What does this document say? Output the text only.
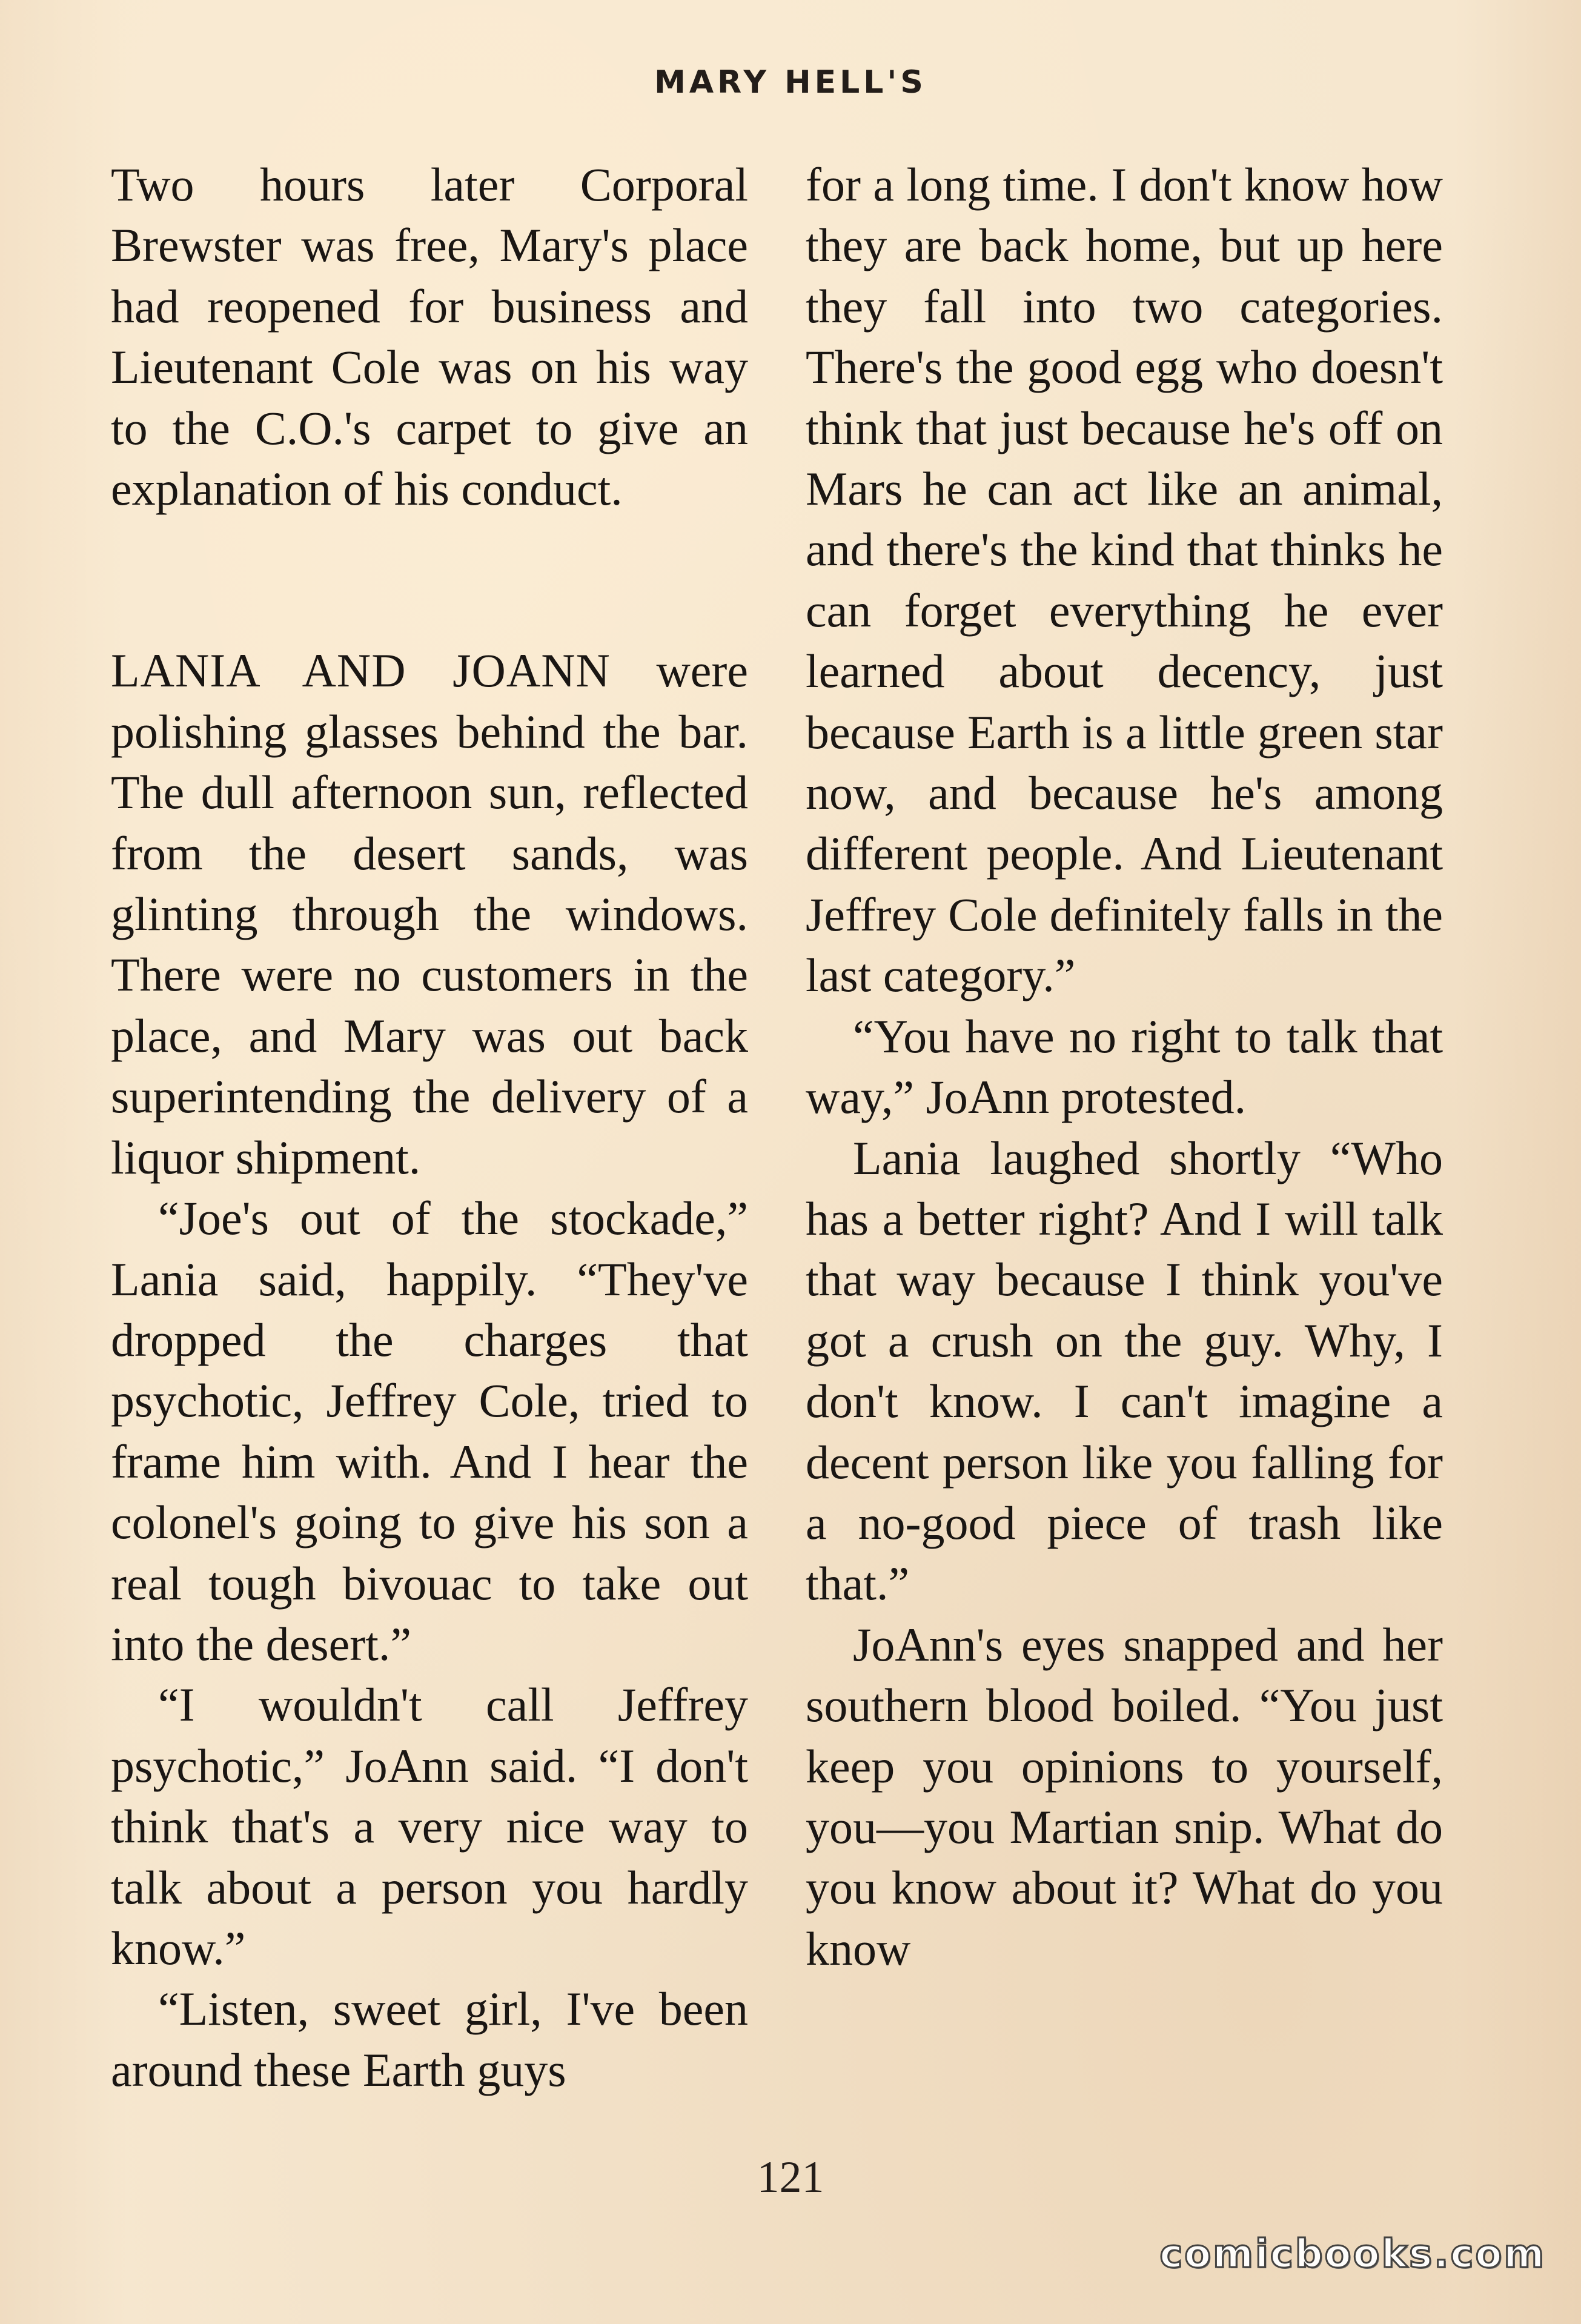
MARY HELL'S

Two hours later Corporal Brewster was free, Mary's place had reopened for business and Lieutenant Cole was on his way to the C.O.'s carpet to give an explanation of his conduct.

LANIA AND JOANN were polishing glasses behind the bar. The dull afternoon sun, reflected from the desert sands, was glinting through the windows. There were no customers in the place, and Mary was out back superintending the delivery of a liquor shipment.

“Joe's out of the stockade,” Lania said, happily. “They've dropped the charges that psychotic, Jeffrey Cole, tried to frame him with. And I hear the colonel's going to give his son a real tough bivouac to take out into the desert.”

“I wouldn't call Jeffrey psychotic,” JoAnn said. “I don't think that's a very nice way to talk about a person you hardly know.”

“Listen, sweet girl, I've been around these Earth guys

for a long time. I don't know how they are back home, but up here they fall into two categories. There's the good egg who doesn't think that just because he's off on Mars he can act like an animal, and there's the kind that thinks he can forget everything he ever learned about decency, just because Earth is a little green star now, and because he's among different people. And Lieutenant Jeffrey Cole definitely falls in the last category.”

“You have no right to talk that way,” JoAnn protested.

Lania laughed shortly “Who has a better right? And I will talk that way because I think you've got a crush on the guy. Why, I don't know. I can't imagine a decent person like you falling for a no-good piece of trash like that.”

JoAnn's eyes snapped and her southern blood boiled. “You just keep you opinions to yourself, you—you Martian snip. What do you know about it? What do you know

121
comicbooks.com
